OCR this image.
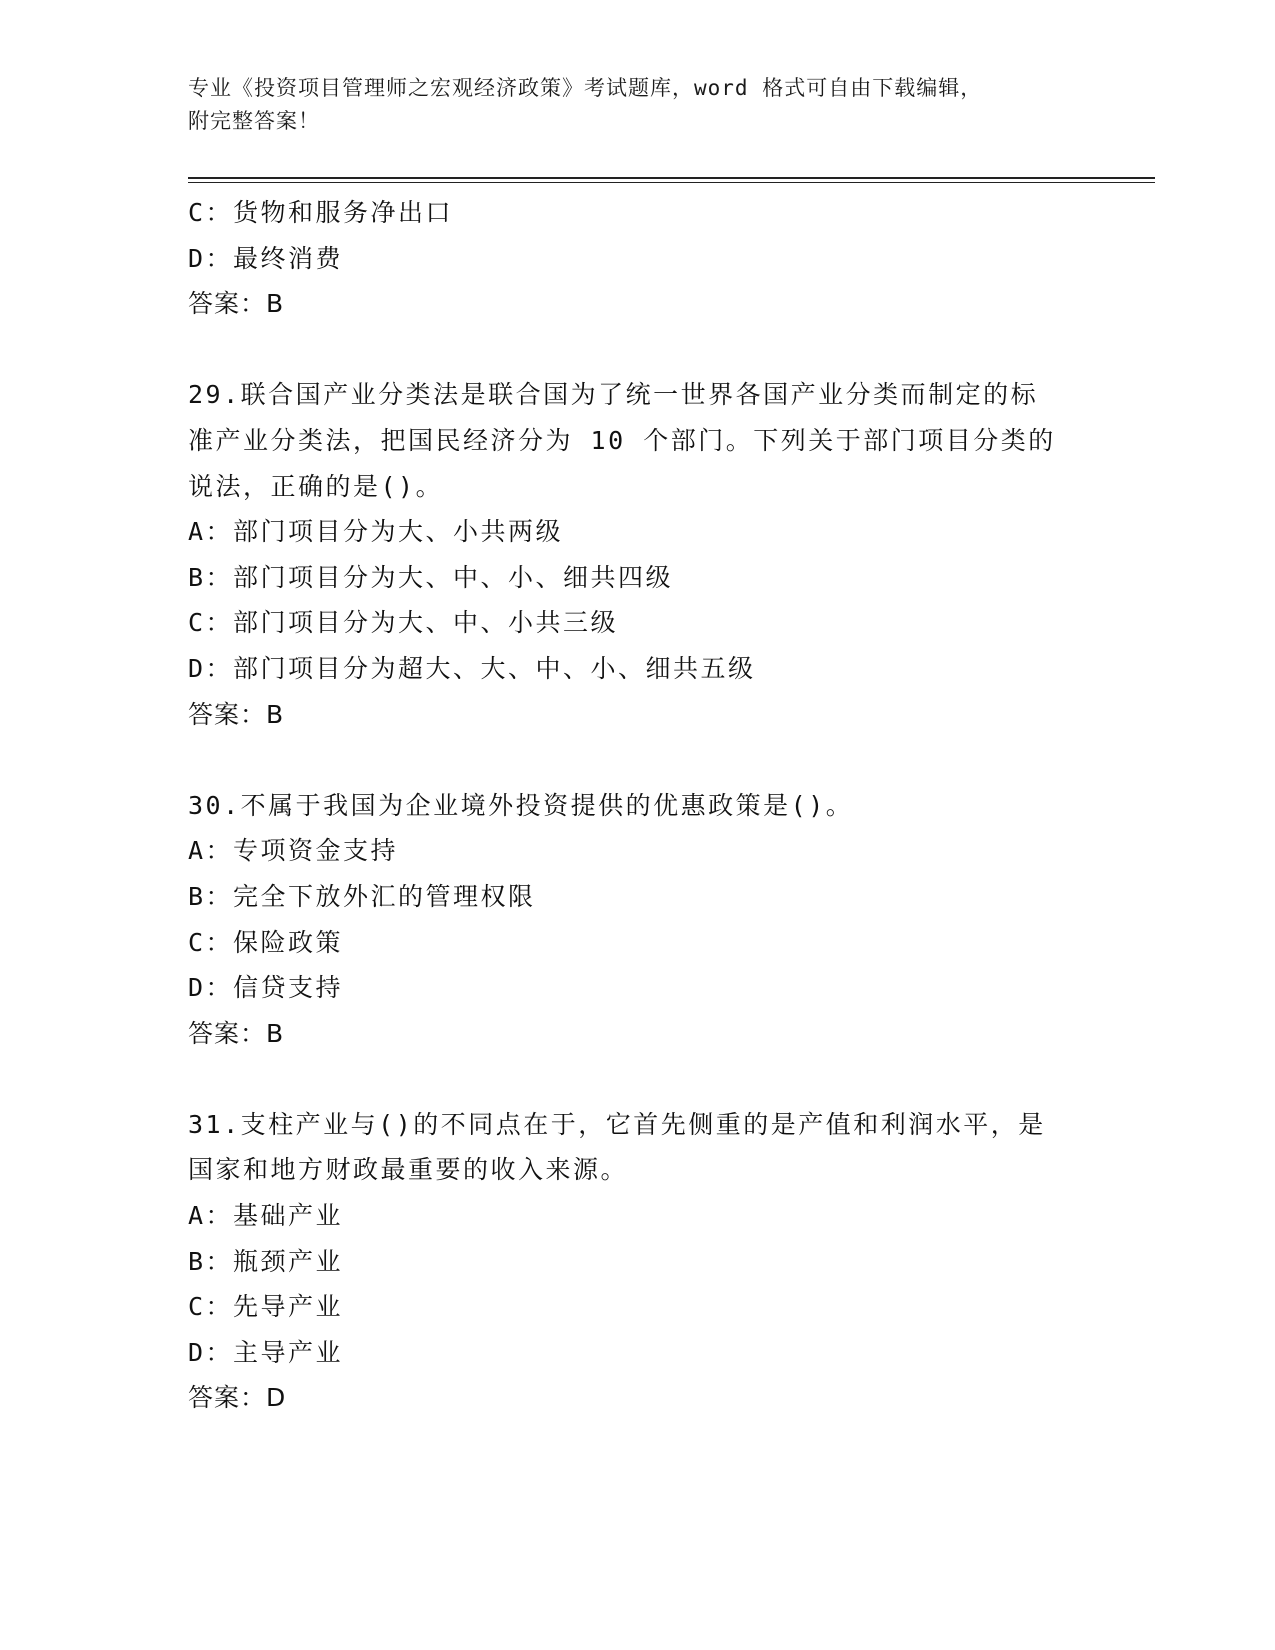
专业《投资项目管理师之宏观经济政策》考试题库，word 格式可自由下载编辑，
附完整答案！
C：货物和服务净出口
D：最终消费
答案：B
29.联合国产业分类法是联合国为了统一世界各国产业分类而制定的标
准产业分类法，把国民经济分为 10 个部门。下列关于部门项目分类的
说法，正确的是()。
A：部门项目分为大、小共两级
B：部门项目分为大、中、小、细共四级
C：部门项目分为大、中、小共三级
D：部门项目分为超大、大、中、小、细共五级
答案：B
30.不属于我国为企业境外投资提供的优惠政策是()。
A：专项资金支持
B：完全下放外汇的管理权限
C：保险政策
D：信贷支持
答案：B
31.支柱产业与()的不同点在于，它首先侧重的是产值和利润水平，是
国家和地方财政最重要的收入来源。
A：基础产业
B：瓶颈产业
C：先导产业
D：主导产业
答案：D
